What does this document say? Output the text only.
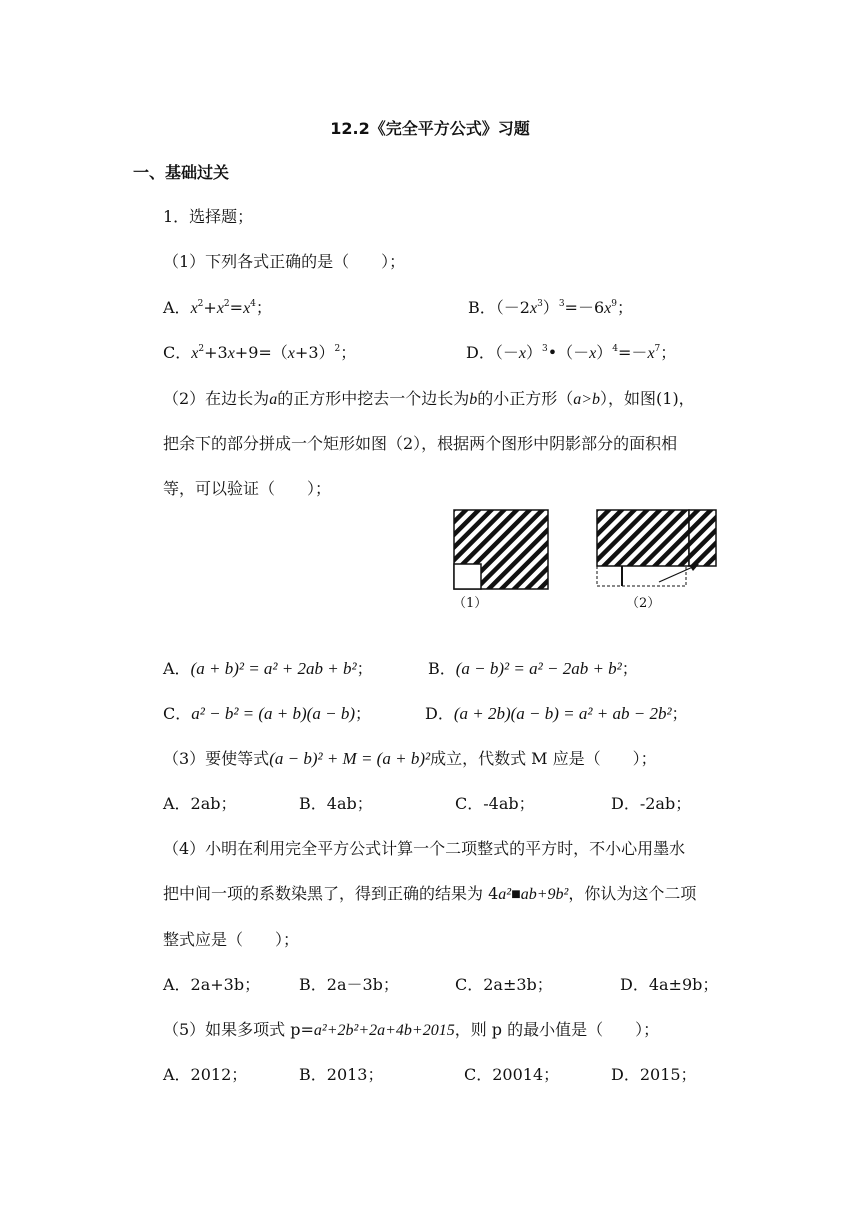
12.2《完全平方公式》习题
一、基础过关
1．选择题；
（1）下列各式正确的是（　　）；
A．$x^2+x^2=x^4$；	B．$(-2x^3)^3=-6x^9$；
C．$x^2+3x+9=(x+3)^2$；	D．$(-x)^3•(-x)^4=-x^7$；
（2）在边长为a的正方形中挖去一个边长为b的小正方形（a>b），如图(1)，
把余下的部分拼成一个矩形如图（2），根据两个图形中阴影部分的面积相
等，可以验证（　　）；
（1）	（2）
A．(a + b)² = a² + 2ab + b²；	B．(a − b)² = a² − 2ab + b²；
C．a² − b² = (a + b)(a − b)；	D．(a + 2b)(a − b) = a² + ab − 2b²；
（3）要使等式(a − b)² + M = (a + b)²成立，代数式 M 应是（　　）；
A．2ab；	B．4ab；	C．-4ab；	D．-2ab；
（4）小明在利用完全平方公式计算一个二项整式的平方时，不小心用墨水
把中间一项的系数染黑了，得到正确的结果为 4a²■ab+9b²，你认为这个二项
整式应是（　　）；
A．2a+3b； B．2a－3b；	C．2a±3b；	D．4a±9b；
（5）如果多项式 p=a²+2b²+2a+4b+2015，则 p 的最小值是（　　）；
A．2012；	B．2013；	C．20014；	D．2015；
